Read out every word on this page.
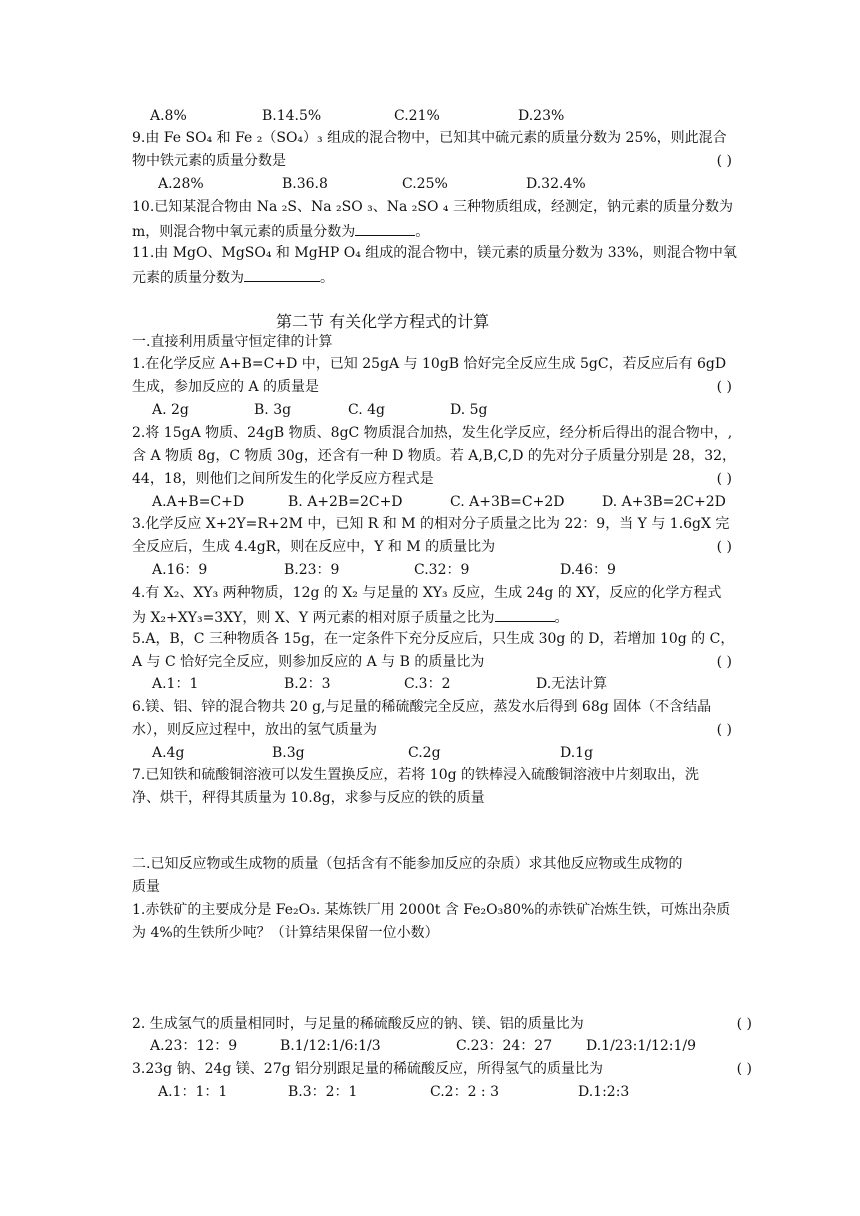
A.8%	B.14.5%	C.21%	D.23%
9.由 Fe SO₄ 和 Fe ₂（SO₄）₃ 组成的混合物中，已知其中硫元素的质量分数为 25%，则此混合
物中铁元素的质量分数是	( )
A.28%	B.36.8	C.25%	D.32.4%
10.已知某混合物由 Na ₂S、Na ₂SO ₃、Na ₂SO ₄ 三种物质组成，经测定，钠元素的质量分数为
m，则混合物中氧元素的质量分数为	。
11.由 MgO、MgSO₄ 和 MgHP O₄ 组成的混合物中，镁元素的质量分数为 33%，则混合物中氧
元素的质量分数为	。
第二节 有关化学方程式的计算
一.直接利用质量守恒定律的计算
1.在化学反应 A+B=C+D 中，已知 25gA 与 10gB 恰好完全反应生成 5gC，若反应后有 6gD
生成，参加反应的 A 的质量是	( )
A. 2g	B. 3g	C. 4g	D. 5g
2.将 15gA 物质、24gB 物质、8gC 物质混合加热，发生化学反应，经分析后得出的混合物中，,
含 A 物质 8g，C 物质 30g，还含有一种 D 物质。若 A,B,C,D 的先对分子质量分别是 28，32，
44，18，则他们之间所发生的化学反应方程式是	( )
A.A+B=C+D	B. A+2B=2C+D	C. A+3B=C+2D	D. A+3B=2C+2D
3.化学反应 X+2Y=R+2M 中，已知 R 和 M 的相对分子质量之比为 22：9，当 Y 与 1.6gX 完
全反应后，生成 4.4gR，则在反应中，Y 和 M 的质量比为	( )
A.16：9	B.23：9	C.32：9	D.46：9
4.有 X₂、XY₃ 两种物质，12g 的 X₂ 与足量的 XY₃ 反应，生成 24g 的 XY，反应的化学方程式
为 X₂+XY₃=3XY，则 X、Y 两元素的相对原子质量之比为	。
5.A，B，C 三种物质各 15g，在一定条件下充分反应后，只生成 30g 的 D，若增加 10g 的 C，
A 与 C 恰好完全反应，则参加反应的 A 与 B 的质量比为	( )
A.1：1	B.2：3	C.3：2	D.无法计算
6.镁、铝、锌的混合物共 20 g,与足量的稀硫酸完全反应，蒸发水后得到 68g 固体（不含结晶
水），则反应过程中，放出的氢气质量为	( )
A.4g	B.3g	C.2g	D.1g
7.已知铁和硫酸铜溶液可以发生置换反应，若将 10g 的铁棒浸入硫酸铜溶液中片刻取出，洗
净、烘干，秤得其质量为 10.8g，求参与反应的铁的质量
二.已知反应物或生成物的质量（包括含有不能参加反应的杂质）求其他反应物或生成物的
质量
1.赤铁矿的主要成分是 Fe₂O₃. 某炼铁厂用 2000t 含 Fe₂O₃80%的赤铁矿冶炼生铁，可炼出杂质
为 4%的生铁所少吨？（计算结果保留一位小数）
2. 生成氢气的质量相同时，与足量的稀硫酸反应的钠、镁、铝的质量比为	( )
A.23：12：9	B.1/12:1/6:1/3	C.23：24：27 D.1/23:1/12:1/9
3.23g 钠、24g 镁、27g 铝分别跟足量的稀硫酸反应，所得氢气的质量比为	( )
A.1：1：1	B.3：2：1	C.2：2 : 3	D.1:2:3
